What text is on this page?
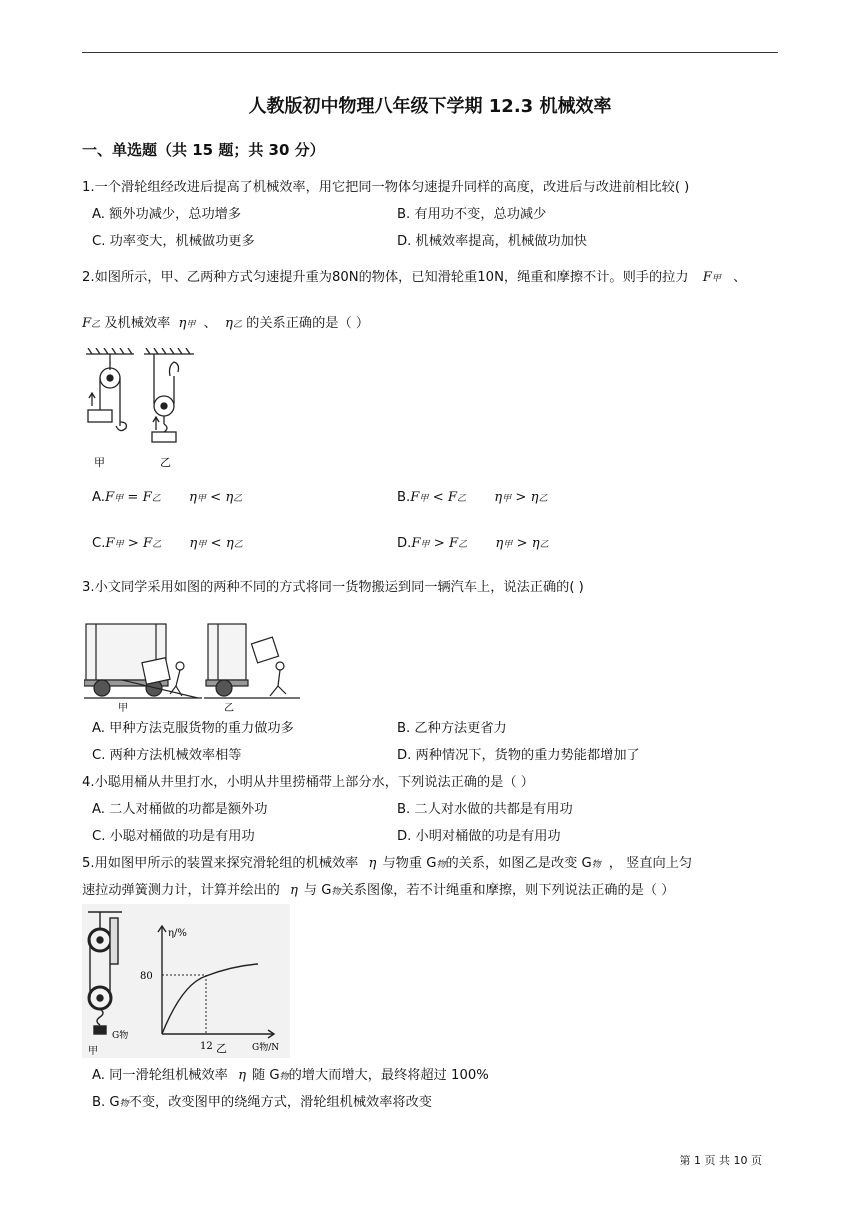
人教版初中物理八年级下学期 12.3 机械效率
一、单选题（共 15 题；共 30 分）
1.一个滑轮组经改进后提高了机械效率，用它把同一物体匀速提升同样的高度，改进后与改进前相比较( )
A. 额外功减少，总功增多	B. 有用功不变，总功减少
C. 功率变大，机械做功更多	D. 机械效率提高，机械做功加快
2.如图所示，甲、乙两种方式匀速提升重为80N的物体，已知滑轮重10N，绳重和摩擦不计。则手的拉力 F甲 、
F乙 及机械效率 η甲 、 η乙 的关系正确的是（ ）
甲	乙
A.F甲 = F乙 η甲 < η乙	B.F甲 < F乙 η甲 > η乙
C.F甲 > F乙 η甲 < η乙	D.F甲 > F乙 η甲 > η乙
3.小文同学采用如图的两种不同的方式将同一货物搬运到同一辆汽车上，说法正确的( )
甲	乙
A. 甲种方法克服货物的重力做功多	B. 乙种方法更省力
C. 两种方法机械效率相等	D. 两种情况下，货物的重力势能都增加了
4.小聪用桶从井里打水，小明从井里捞桶带上部分水，下列说法正确的是（ ）
A. 二人对桶做的功都是额外功	B. 二人对水做的共都是有用功
C. 小聪对桶做的功是有用功	D. 小明对桶做的功是有用功
5.用如图甲所示的装置来探究滑轮组的机械效率 η 与物重 G物的关系，如图乙是改变 G物 ， 竖直向上匀
速拉动弹簧测力计，计算并绘出的 η 与 G物关系图像，若不计绳重和摩擦，则下列说法正确的是（ ）
G物
η/%
80
12	G物/N
甲	乙
A. 同一滑轮组机械效率 η 随 G物的增大而增大，最终将超过 100%
B. G物不变，改变图甲的绕绳方式，滑轮组机械效率将改变
第 1 页 共 10 页
